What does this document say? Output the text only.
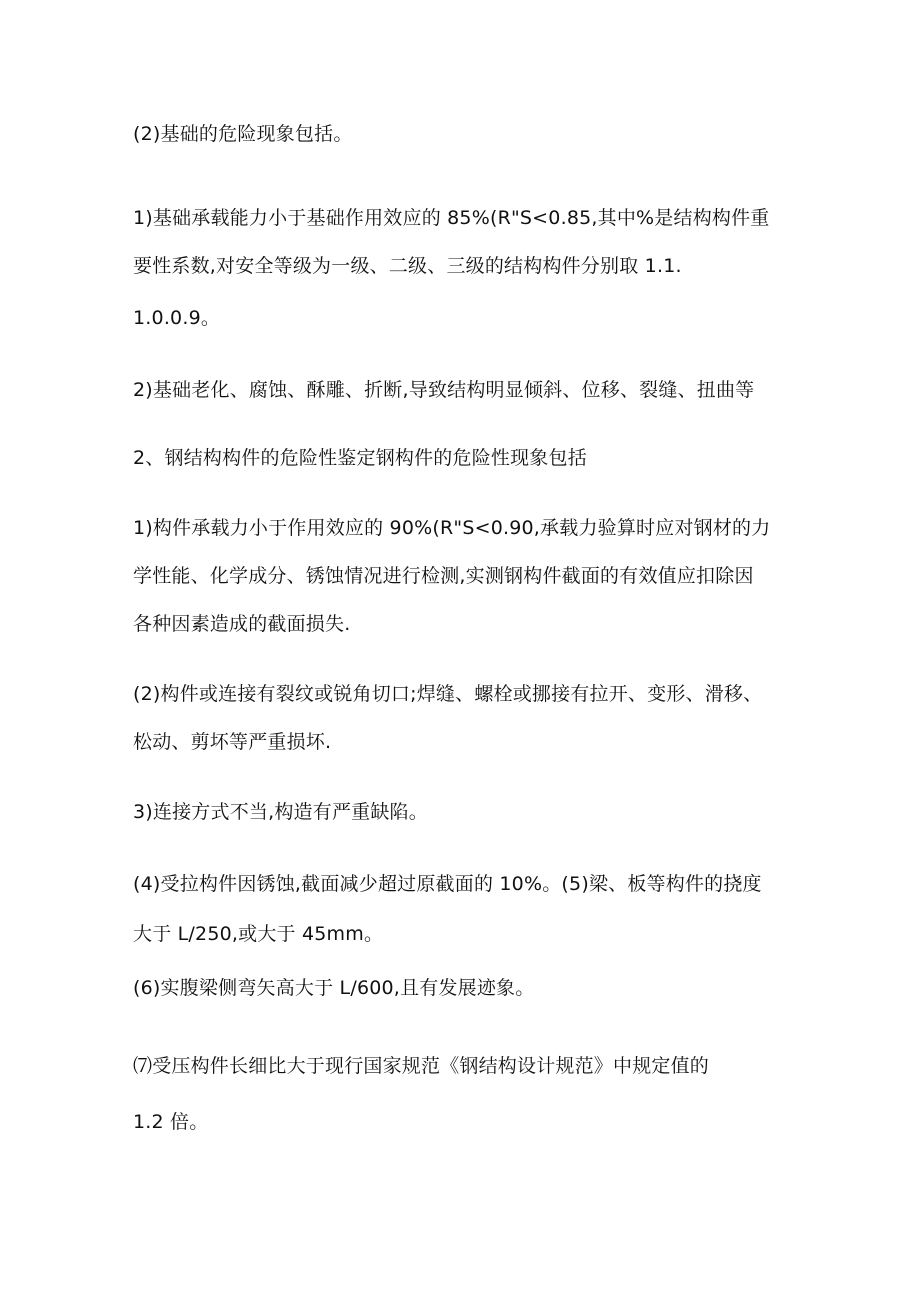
(2)基础的危险现象包括。
1)基础承载能力小于基础作用效应的 85%(R"S<0.85,其中%是结构构件重
要性系数,对安全等级为一级、二级、三级的结构构件分别取 1.1.
1.0.0.9。
2)基础老化、腐蚀、酥雕、折断,导致结构明显倾斜、位移、裂缝、扭曲等
2、钢结构构件的危险性鉴定钢构件的危险性现象包括
1)构件承载力小于作用效应的 90%(R"S<0.90,承载力验算时应对钢材的力
学性能、化学成分、锈蚀情况进行检测,实测钢构件截面的有效值应扣除因
各种因素造成的截面损失.
(2)构件或连接有裂纹或锐角切口;焊缝、螺栓或挪接有拉开、变形、滑移、
松动、剪坏等严重损坏.
3)连接方式不当,构造有严重缺陷。
(4)受拉构件因锈蚀,截面减少超过原截面的 10%。(5)梁、板等构件的挠度
大于 L/250,或大于 45mm。
(6)实腹梁侧弯矢高大于 L/600,且有发展迹象。
⑺受压构件长细比大于现行国家规范《钢结构设计规范》中规定值的
1.2 倍。
